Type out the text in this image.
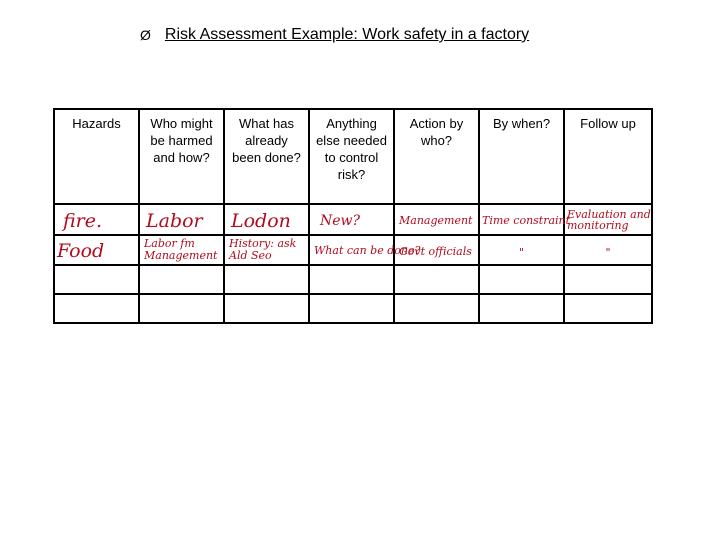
Ø Risk Assessment Example: Work safety in a factory
Hazards	Who might be harmed and how?	What has already been done?	Anything else needed to control risk?	Action by who?	By when?	Follow up
fire.	Labor	Lodon	New?	Management	Time constraint	Evaluation and monitoring
Food	Labor fm Management	History: ask Ald Seo	What can be done?	Govt officials	"	"
